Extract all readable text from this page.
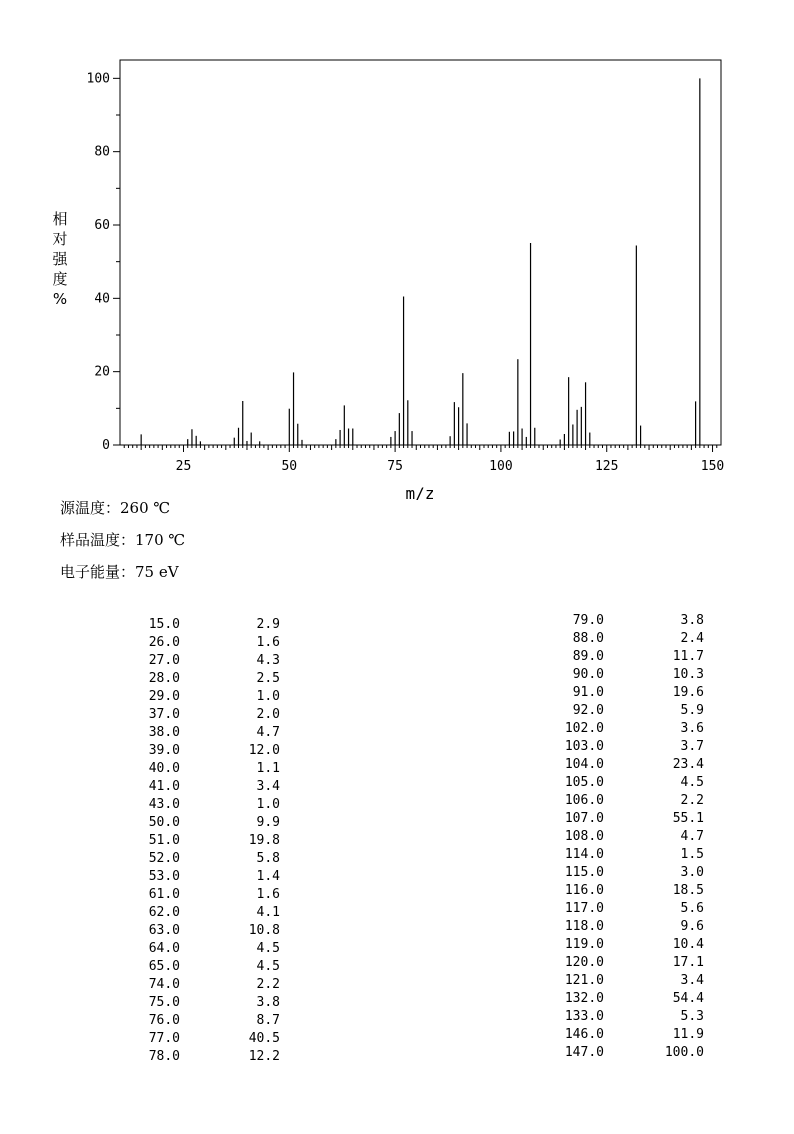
0
20
40
60
80
100
25	50	75	100	125	150
m/z
相
对
强
度
%
源温度：260 ℃
样品温度：170 ℃
电子能量：75 eV
15.0	2.9
26.0	1.6
27.0	4.3
28.0	2.5
29.0	1.0
37.0	2.0
38.0	4.7
39.0	12.0
40.0	1.1
41.0	3.4
43.0	1.0
50.0	9.9
51.0	19.8
52.0	5.8
53.0	1.4
61.0	1.6
62.0	4.1
63.0	10.8
64.0	4.5
65.0	4.5
74.0	2.2
75.0	3.8
76.0	8.7
77.0	40.5
78.0	12.2
79.0	3.8
88.0	2.4
89.0	11.7
90.0	10.3
91.0	19.6
92.0	5.9
102.0	3.6
103.0	3.7
104.0	23.4
105.0	4.5
106.0	2.2
107.0	55.1
108.0	4.7
114.0	1.5
115.0	3.0
116.0	18.5
117.0	5.6
118.0	9.6
119.0	10.4
120.0	17.1
121.0	3.4
132.0	54.4
133.0	5.3
146.0	11.9
147.0	100.0
